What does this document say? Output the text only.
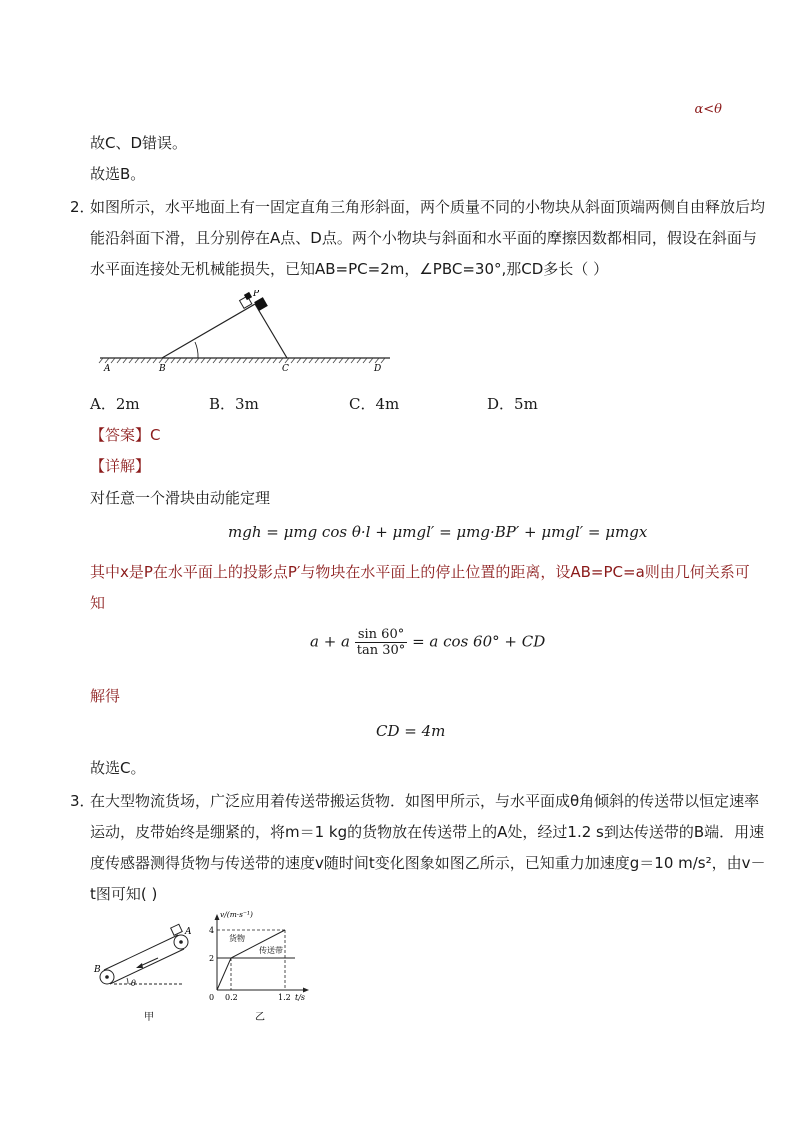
α<θ
故C、D错误。
故选B。
2．
如图所示，水平地面上有一固定直角三角形斜面，两个质量不同的小物块从斜面顶端两侧自由释放后均
能沿斜面下滑，且分别停在A点、D点。两个小物块与斜面和水平面的摩擦因数都相同，假设在斜面与
水平面连接处无机械能损失，已知AB=PC=2m，∠PBC=30°,那CD多长（ ）
P
A	B	C	D
A．2m	B．3m	C．4m	D．5m
【答案】C
【详解】
对任意一个滑块由动能定理
mgh = μmg cos θ·l + μmgl′ = μmg·BP′ + μmgl′ = μmgx
其中x是P在水平面上的投影点P′与物块在水平面上的停止位置的距离，设AB=PC=a则由几何关系可
知
a + a $\frac{\sin 60^\circ}{\tan 30^\circ} = a$ cos 60° + CD
解得
CD = 4m
故选C。
3．
在大型物流货场，广泛应用着传送带搬运货物．如图甲所示，与水平面成θ角倾斜的传送带以恒定速率
运动，皮带始终是绷紧的，将m＝1 kg的货物放在传送带上的A处，经过1.2 s到达传送带的B端．用速
度传感器测得货物与传送带的速度v随时间t变化图象如图乙所示，已知重力加速度g＝10 m/s²，由v－
t图可知( )
A
B
θ
甲
v/(m·s⁻¹)
4
2
0 0.2	1.2 t/s
货物
传送带
乙
